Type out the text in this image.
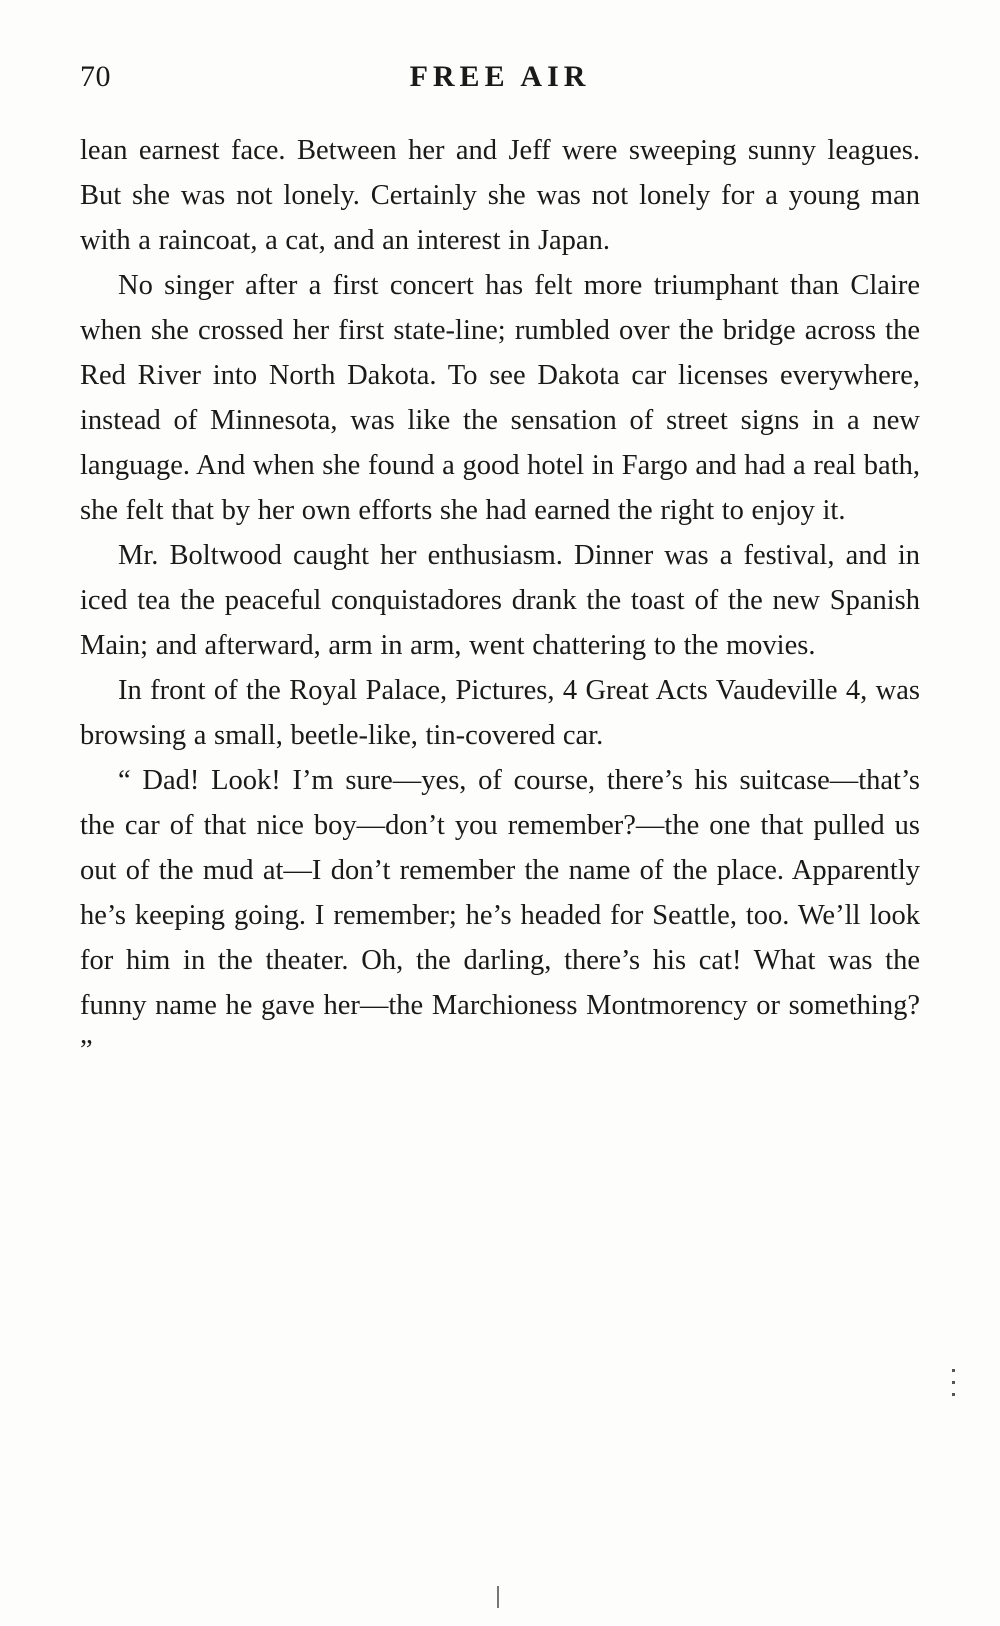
70	FREE AIR

lean earnest face. Between her and Jeff were sweeping sunny leagues. But she was not lonely. Certainly she was not lonely for a young man with a raincoat, a cat, and an interest in Japan.

No singer after a first concert has felt more triumphant than Claire when she crossed her first state-line; rumbled over the bridge across the Red River into North Dakota. To see Dakota car licenses everywhere, instead of Minnesota, was like the sensation of street signs in a new language. And when she found a good hotel in Fargo and had a real bath, she felt that by her own efforts she had earned the right to enjoy it.

Mr. Boltwood caught her enthusiasm. Dinner was a festival, and in iced tea the peaceful conquistadores drank the toast of the new Spanish Main; and afterward, arm in arm, went chattering to the movies.

In front of the Royal Palace, Pictures, 4 Great Acts Vaudeville 4, was browsing a small, beetle-like, tin-covered car.

“ Dad! Look! I’m sure—yes, of course, there’s his suitcase—that’s the car of that nice boy—don’t you remember?—the one that pulled us out of the mud at—I don’t remember the name of the place. Apparently he’s keeping going. I remember; he’s headed for Seattle, too. We’ll look for him in the theater. Oh, the darling, there’s his cat! What was the funny name he gave her—the Marchioness Montmorency or something? ”
